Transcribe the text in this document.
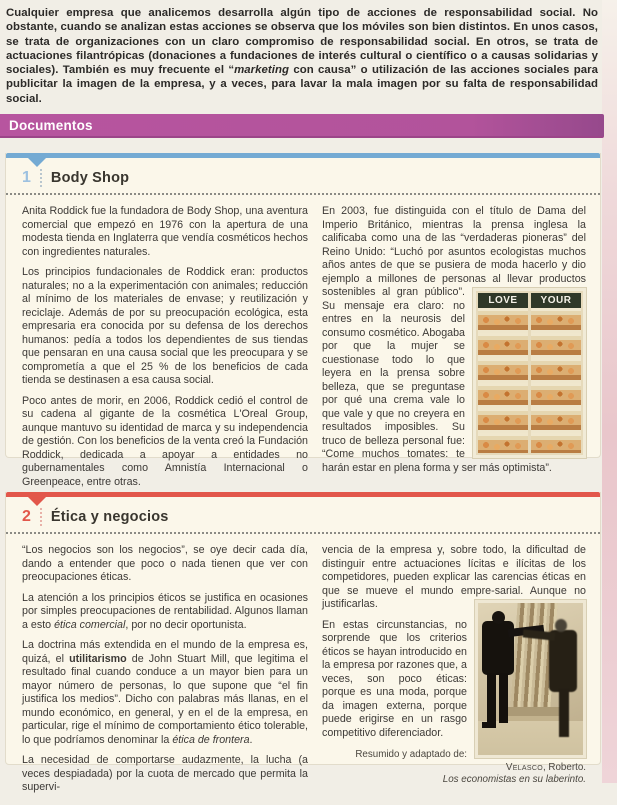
Cualquier empresa que analicemos desarrolla algún tipo de acciones de responsabilidad social. No obstante, cuando se analizan estas acciones se observa que los móviles son bien distintos. En unos casos, se trata de organizaciones con un claro compromiso de responsabilidad social. En otros, se trata de actuaciones filantrópicas (donaciones a fundaciones de interés cultural o científico o a causas solidarias y sociales). También es muy frecuente el “marketing con causa” o utilización de las acciones sociales para publicitar la imagen de la empresa, y a veces, para lavar la mala imagen por su falta de responsabilidad social.
Documentos
1 Body Shop
Anita Roddick fue la fundadora de Body Shop, una aventura comercial que empezó en 1976 con la apertura de una modesta tienda en Inglaterra que vendía cosméticos hechos con ingredientes naturales.
Los principios fundacionales de Roddick eran: productos naturales; no a la experimentación con animales; reducción al mínimo de los materiales de envase; y reutilización y reciclaje. Además de por su preocupación ecológica, esta empresaria era conocida por su defensa de los derechos humanos: pedía a todos los dependientes de sus tiendas que pensaran en una causa social que les preocupara y se comprometía a que el 25 % de los beneficios de cada tienda se destinasen a esa causa social.
Poco antes de morir, en 2006, Roddick cedió el control de su cadena al gigante de la cosmética L'Oreal Group, aunque mantuvo su identidad de marca y su independencia de gestión. Con los beneficios de la venta creó la Fundación Roddick, dedicada a apoyar a entidades no gubernamentales como Amnistía Internacional o Greenpeace, entre otras.
En 2003, fue distinguida con el título de Dama del Imperio Británico, mientras la prensa inglesa la calificaba como una de las “verdaderas pioneras” del Reino Unido: “Luchó por asuntos ecologistas muchos años antes de que se pusiera de moda hacerlo y dio ejemplo a millones de personas al llevar
LOVE	YOUR
productos sostenibles al gran público”. Su mensaje era claro: no entres en la neurosis del consumo cosmético. Abogaba por que la mujer se cuestionase todo lo que leyera en la prensa sobre belleza, que se preguntase por qué una crema vale lo que vale y que no creyera en resultados imposibles. Su truco de belleza personal fue: “Come muchos tomates: te harán estar en plena forma y ser más optimista”.
2 Ética y negocios
“Los negocios son los negocios”, se oye decir cada día, dando a entender que poco o nada tienen que ver con preocupaciones éticas.
La atención a los principios éticos se justifica en ocasiones por simples preocupaciones de rentabilidad. Algunos llaman a esto ética comercial, por no decir oportunista.
La doctrina más extendida en el mundo de la empresa es, quizá, el utilitarismo de John Stuart Mill, que legitima el resultado final cuando conduce a un mayor bien para un mayor número de personas, lo que supone que “el fin justifica los medios”. Dicho con palabras más llanas, en el mundo económico, en general, y en el de la empresa, en particular, rige el mínimo de comportamiento ético tolerable, lo que podríamos denominar la ética de frontera.
La necesidad de comportarse audazmente, la lucha (a veces despiadada) por la cuota de mercado que permita la supervi-
vencia de la empresa y, sobre todo, la dificultad de distinguir entre actuaciones lícitas e ilícitas de los competidores, pueden explicar las carencias éticas en que se mueve el mundo empre-
sarial. Aunque no justificarlas.
En estas circunstancias, no sorprende que los criterios éticos se hayan introducido en la empresa por razones que, a veces, son poco éticas: porque es una moda, porque da imagen externa, porque puede erigirse en un rasgo competitivo diferenciador.
Resumido y adaptado de:
Velasco, Roberto.
Los economistas en su laberinto.
